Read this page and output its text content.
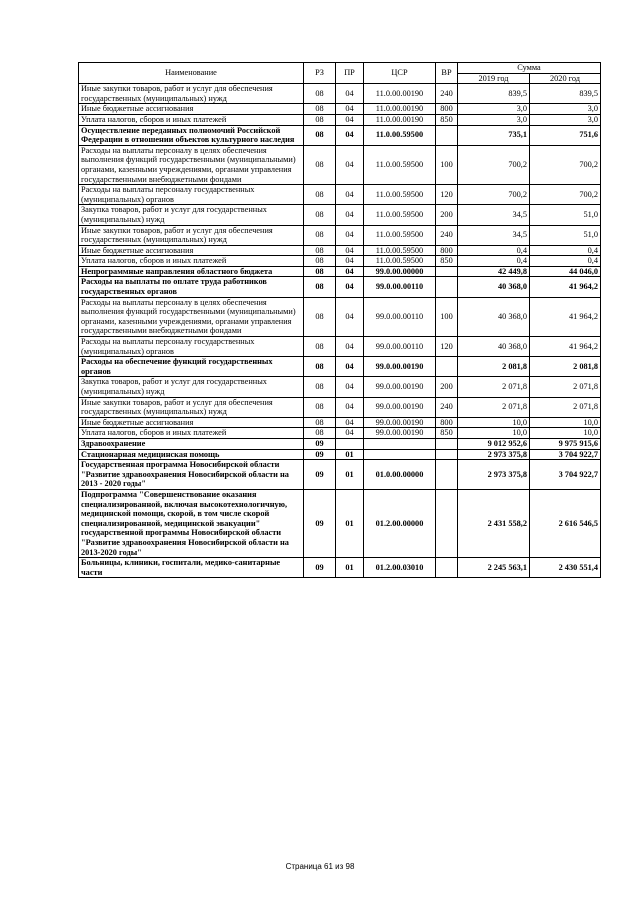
Наименование	РЗ	ПР	ЦСР	ВР	Сумма	
					2019 год	2020 год
Иные закупки товаров, работ и услуг для обеспечения государственных (муниципальных) нужд	08	04	11.0.00.00190	240	839,5	839,5
Иные бюджетные ассигнования	08	04	11.0.00.00190	800	3,0	3,0
Уплата налогов, сборов и иных платежей	08	04	11.0.00.00190	850	3,0	3,0
Осуществление переданных полномочий Российской Федерации в отношении объектов культурного наследия	08	04	11.0.00.59500		735,1	751,6
Расходы на выплаты персоналу в целях обеспечения выполнения функций государственными (муниципальными) органами, казенными учреждениями, органами управления государственными внебюджетными фондами	08	04	11.0.00.59500	100	700,2	700,2
Расходы на выплаты персоналу государственных (муниципальных) органов	08	04	11.0.00.59500	120	700,2	700,2
Закупка товаров, работ и услуг для государственных (муниципальных) нужд	08	04	11.0.00.59500	200	34,5	51,0
Иные закупки товаров, работ и услуг для обеспечения государственных (муниципальных) нужд	08	04	11.0.00.59500	240	34,5	51,0
Иные бюджетные ассигнования	08	04	11.0.00.59500	800	0,4	0,4
Уплата налогов, сборов и иных платежей	08	04	11.0.00.59500	850	0,4	0,4
Непрограммные направления областного бюджета	08	04	99.0.00.00000		42 449,8	44 046,0
Расходы на выплаты по оплате труда работников государственных органов	08	04	99.0.00.00110		40 368,0	41 964,2
Расходы на выплаты персоналу в целях обеспечения выполнения функций государственными (муниципальными) органами, казенными учреждениями, органами управления государственными внебюджетными фондами	08	04	99.0.00.00110	100	40 368,0	41 964,2
Расходы на выплаты персоналу государственных (муниципальных) органов	08	04	99.0.00.00110	120	40 368,0	41 964,2
Расходы на обеспечение функций государственных органов	08	04	99.0.00.00190		2 081,8	2 081,8
Закупка товаров, работ и услуг для государственных (муниципальных) нужд	08	04	99.0.00.00190	200	2 071,8	2 071,8
Иные закупки товаров, работ и услуг для обеспечения государственных (муниципальных) нужд	08	04	99.0.00.00190	240	2 071,8	2 071,8
Иные бюджетные ассигнования	08	04	99.0.00.00190	800	10,0	10,0
Уплата налогов, сборов и иных платежей	08	04	99.0.00.00190	850	10,0	10,0
Здравоохранение	09				9 012 952,6	9 975 915,6
Стационарная медицинская помощь	09	01			2 973 375,8	3 704 922,7
Государственная программа Новосибирской области "Развитие здравоохранения Новосибирской области на 2013 - 2020 годы"	09	01	01.0.00.00000		2 973 375,8	3 704 922,7
Подпрограмма "Совершенствование оказания специализированной, включая высокотехнологичную, медицинской помощи, скорой, в том числе скорой специализированной, медицинской эвакуации" государственной программы Новосибирской области "Развитие здравоохранения Новосибирской области на 2013-2020 годы"	09	01	01.2.00.00000		2 431 558,2	2 616 546,5
Больницы, клиники, госпитали, медико-санитарные части	09	01	01.2.00.03010		2 245 563,1	2 430 551,4
Страница 61 из 98
